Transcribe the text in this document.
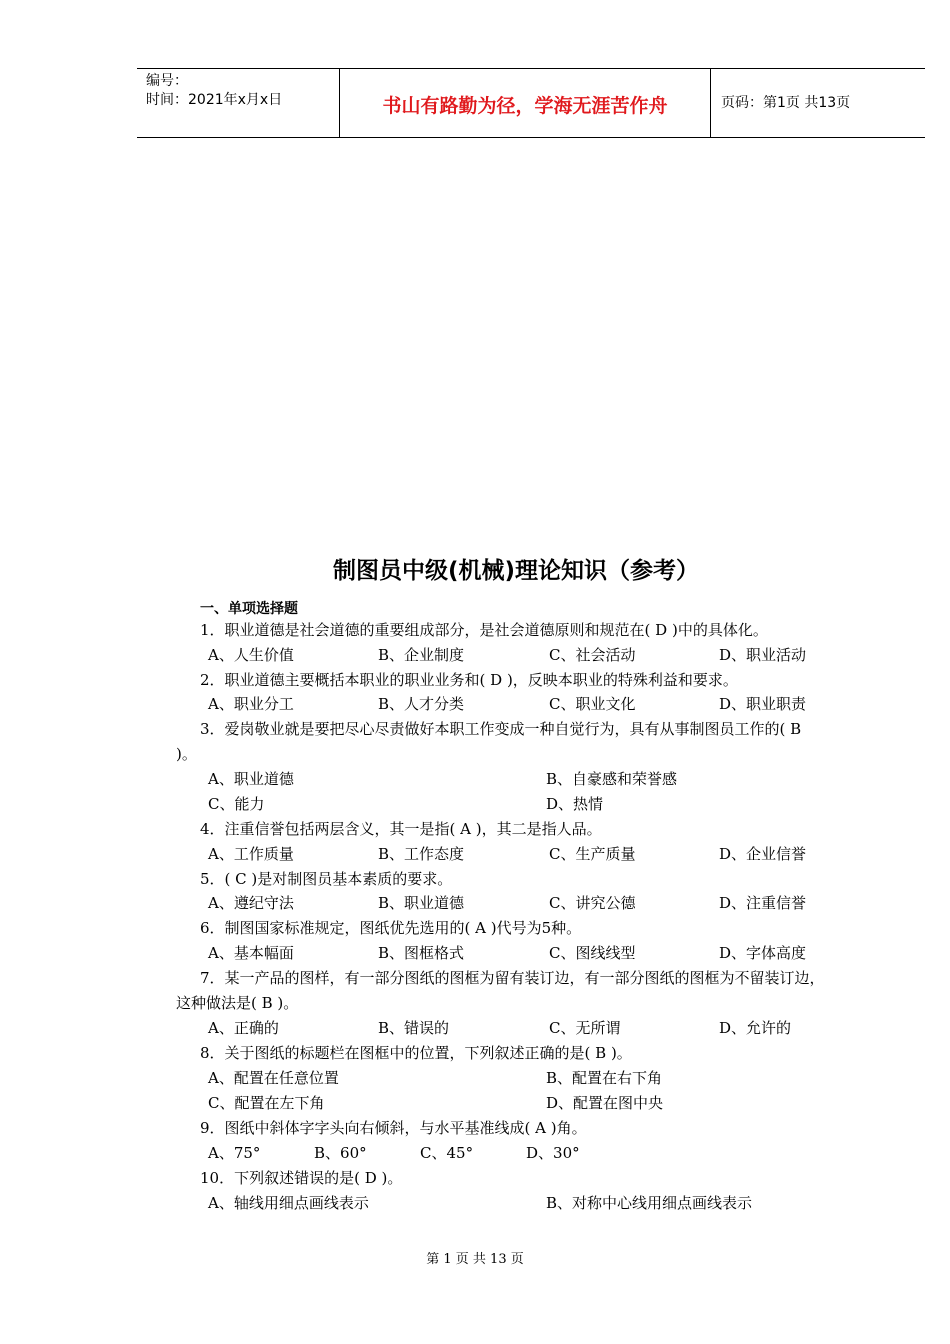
编号：
时间：2021年x月x日	书山有路勤为径，学海无涯苦作舟	页码：第1页 共13页
制图员中级(机械)理论知识（参考）
一、单项选择题
1．职业道德是社会道德的重要组成部分，是社会道德原则和规范在( D )中的具体化。
A、人生价值	B、企业制度	C、社会活动	D、职业活动
2．职业道德主要概括本职业的职业业务和( D )，反映本职业的特殊利益和要求。
A、职业分工	B、人才分类	C、职业文化	D、职业职责
3．爱岗敬业就是要把尽心尽责做好本职工作变成一种自觉行为，具有从事制图员工作的( B
)。
A、职业道德	B、自豪感和荣誉感
C、能力	D、热情
4．注重信誉包括两层含义，其一是指( A )，其二是指人品。
A、工作质量	B、工作态度	C、生产质量	D、企业信誉
5．( C )是对制图员基本素质的要求。
A、遵纪守法	B、职业道德	C、讲究公德	D、注重信誉
6．制图国家标准规定，图纸优先选用的( A )代号为5种。
A、基本幅面	B、图框格式	C、图线线型	D、字体高度
7．某一产品的图样，有一部分图纸的图框为留有装订边，有一部分图纸的图框为不留装订边，
这种做法是( B )。
A、正确的	B、错误的	C、无所谓	D、允许的
8．关于图纸的标题栏在图框中的位置，下列叙述正确的是( B )。
A、配置在任意位置	B、配置在右下角
C、配置在左下角	D、配置在图中央
9．图纸中斜体字字头向右倾斜，与水平基准线成( A )角。
A、75°	B、60°	C、45°	D、30°
10．下列叙述错误的是( D )。
A、轴线用细点画线表示	B、对称中心线用细点画线表示
第 1 页 共 13 页
